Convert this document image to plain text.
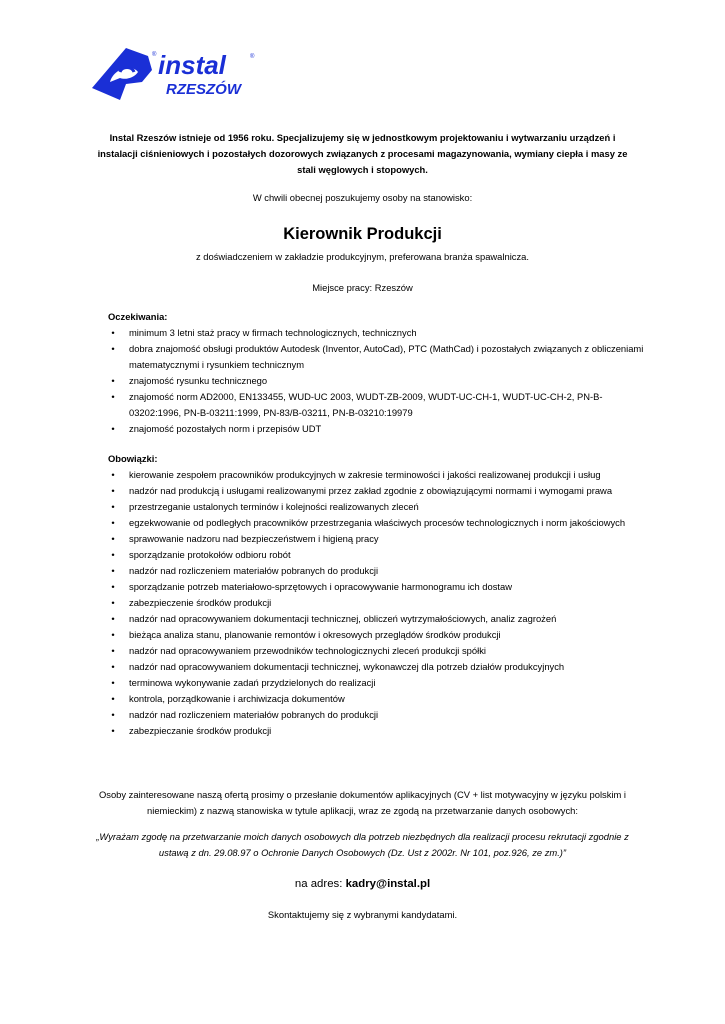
® instal	®
RZESZÓW
Instal Rzeszów istnieje od 1956 roku. Specjalizujemy się w jednostkowym projektowaniu i wytwarzaniu urządzeń i instalacji ciśnieniowych i pozostałych dozorowych związanych z procesami magazynowania, wymiany ciepła i masy ze stali węglowych i stopowych.
W chwili obecnej poszukujemy osoby na stanowisko:
Kierownik Produkcji
z doświadczeniem w zakładzie produkcyjnym, preferowana branża spawalnicza.
Miejsce pracy: Rzeszów
Oczekiwania:
•	minimum 3 letni staż pracy w firmach technologicznych, technicznych
•	dobra znajomość obsługi produktów Autodesk (Inventor, AutoCad), PTC (MathCad) i pozostałych związanych z obliczeniami matematycznymi i rysunkiem technicznym
•	znajomość rysunku technicznego
•	znajomość norm AD2000, EN133455, WUD-UC 2003, WUDT-ZB-2009, WUDT-UC-CH-1, WUDT-UC-CH-2, PN-B-03202:1996, PN-B-03211:1999, PN-83/B-03211, PN-B-03210:19979
•	znajomość pozostałych norm i przepisów UDT
Obowiązki:
•	kierowanie zespołem pracowników produkcyjnych w zakresie terminowości i jakości realizowanej produkcji i usług
•	nadzór nad produkcją i usługami realizowanymi przez zakład zgodnie z obowiązującymi normami i wymogami prawa
•	przestrzeganie ustalonych terminów i kolejności realizowanych zleceń
•	egzekwowanie od podległych pracowników przestrzegania właściwych procesów technologicznych i norm jakościowych
•	sprawowanie nadzoru nad bezpieczeństwem i higieną pracy
•	sporządzanie protokołów odbioru robót
•	nadzór nad rozliczeniem materiałów pobranych do produkcji
•	sporządzanie potrzeb materiałowo-sprzętowych i opracowywanie harmonogramu ich dostaw
•	zabezpieczenie środków produkcji
•	nadzór nad opracowywaniem dokumentacji technicznej, obliczeń wytrzymałościowych, analiz zagrożeń
•	bieżąca analiza stanu, planowanie remontów i okresowych przeglądów środków produkcji
•	nadzór nad opracowywaniem przewodników technologicznychi zleceń produkcji spółki
•	nadzór nad opracowywaniem dokumentacji technicznej, wykonawczej dla potrzeb działów produkcyjnych
•	terminowa wykonywanie zadań przydzielonych do realizacji
•	kontrola, porządkowanie i archiwizacja dokumentów
•	nadzór nad rozliczeniem materiałów pobranych do produkcji
•	zabezpieczanie środków produkcji
Osoby zainteresowane naszą ofertą prosimy o przesłanie dokumentów aplikacyjnych (CV + list motywacyjny w języku polskim i niemieckim) z nazwą stanowiska w tytule aplikacji, wraz ze zgodą na przetwarzanie danych osobowych:
„Wyrażam zgodę na przetwarzanie moich danych osobowych dla potrzeb niezbędnych dla realizacji procesu rekrutacji zgodnie z ustawą z dn. 29.08.97 o Ochronie Danych Osobowych (Dz. Ust z 2002r. Nr 101, poz.926, ze zm.)”
na adres: kadry@instal.pl
Skontaktujemy się z wybranymi kandydatami.
